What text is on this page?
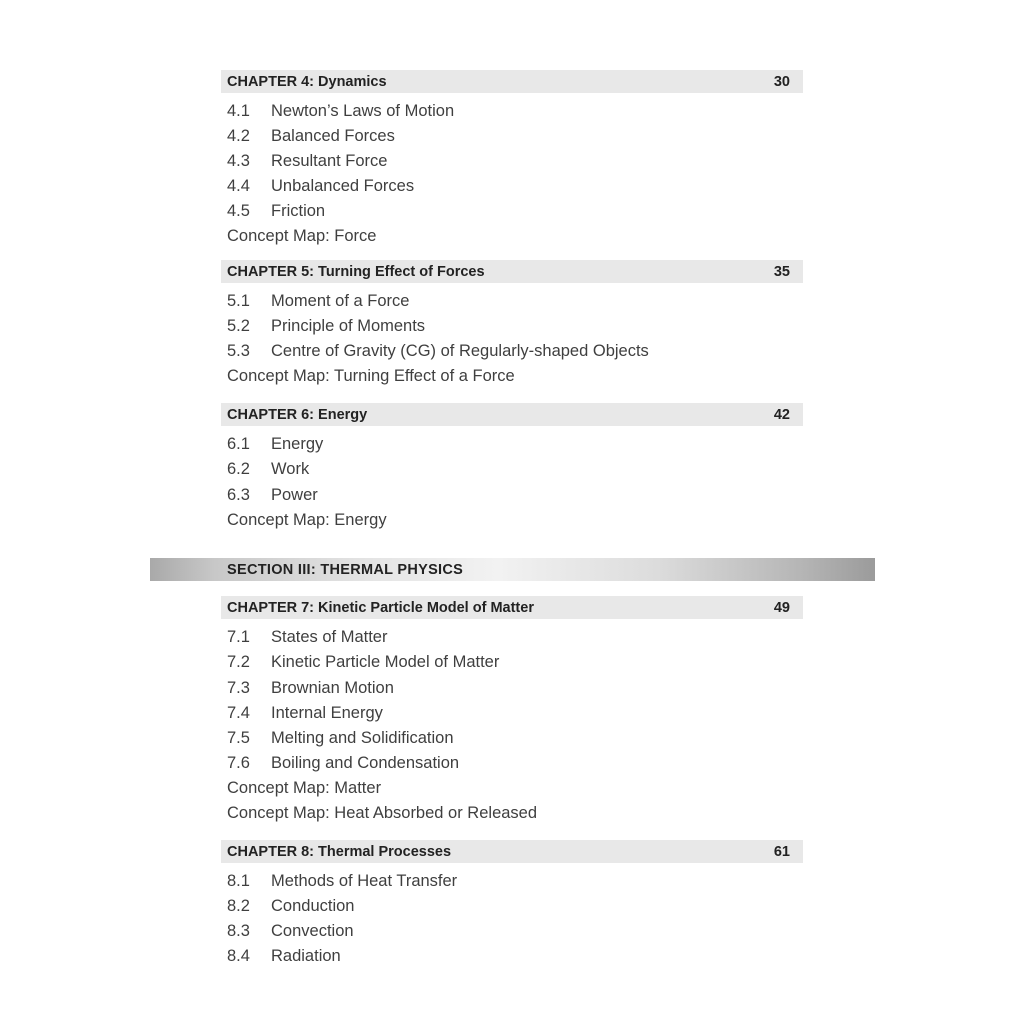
CHAPTER 4: Dynamics	30
4.1 Newton’s Laws of Motion
4.2 Balanced Forces
4.3 Resultant Force
4.4 Unbalanced Forces
4.5 Friction
Concept Map: Force
CHAPTER 5: Turning Effect of Forces	35
5.1 Moment of a Force
5.2 Principle of Moments
5.3 Centre of Gravity (CG) of Regularly-shaped Objects
Concept Map: Turning Effect of a Force
CHAPTER 6: Energy	42
6.1 Energy
6.2 Work
6.3 Power
Concept Map: Energy
SECTION III: THERMAL PHYSICS
CHAPTER 7: Kinetic Particle Model of Matter	49
7.1 States of Matter
7.2 Kinetic Particle Model of Matter
7.3 Brownian Motion
7.4 Internal Energy
7.5 Melting and Solidification
7.6 Boiling and Condensation
Concept Map: Matter
Concept Map: Heat Absorbed or Released
CHAPTER 8: Thermal Processes	61
8.1 Methods of Heat Transfer
8.2 Conduction
8.3 Convection
8.4 Radiation
